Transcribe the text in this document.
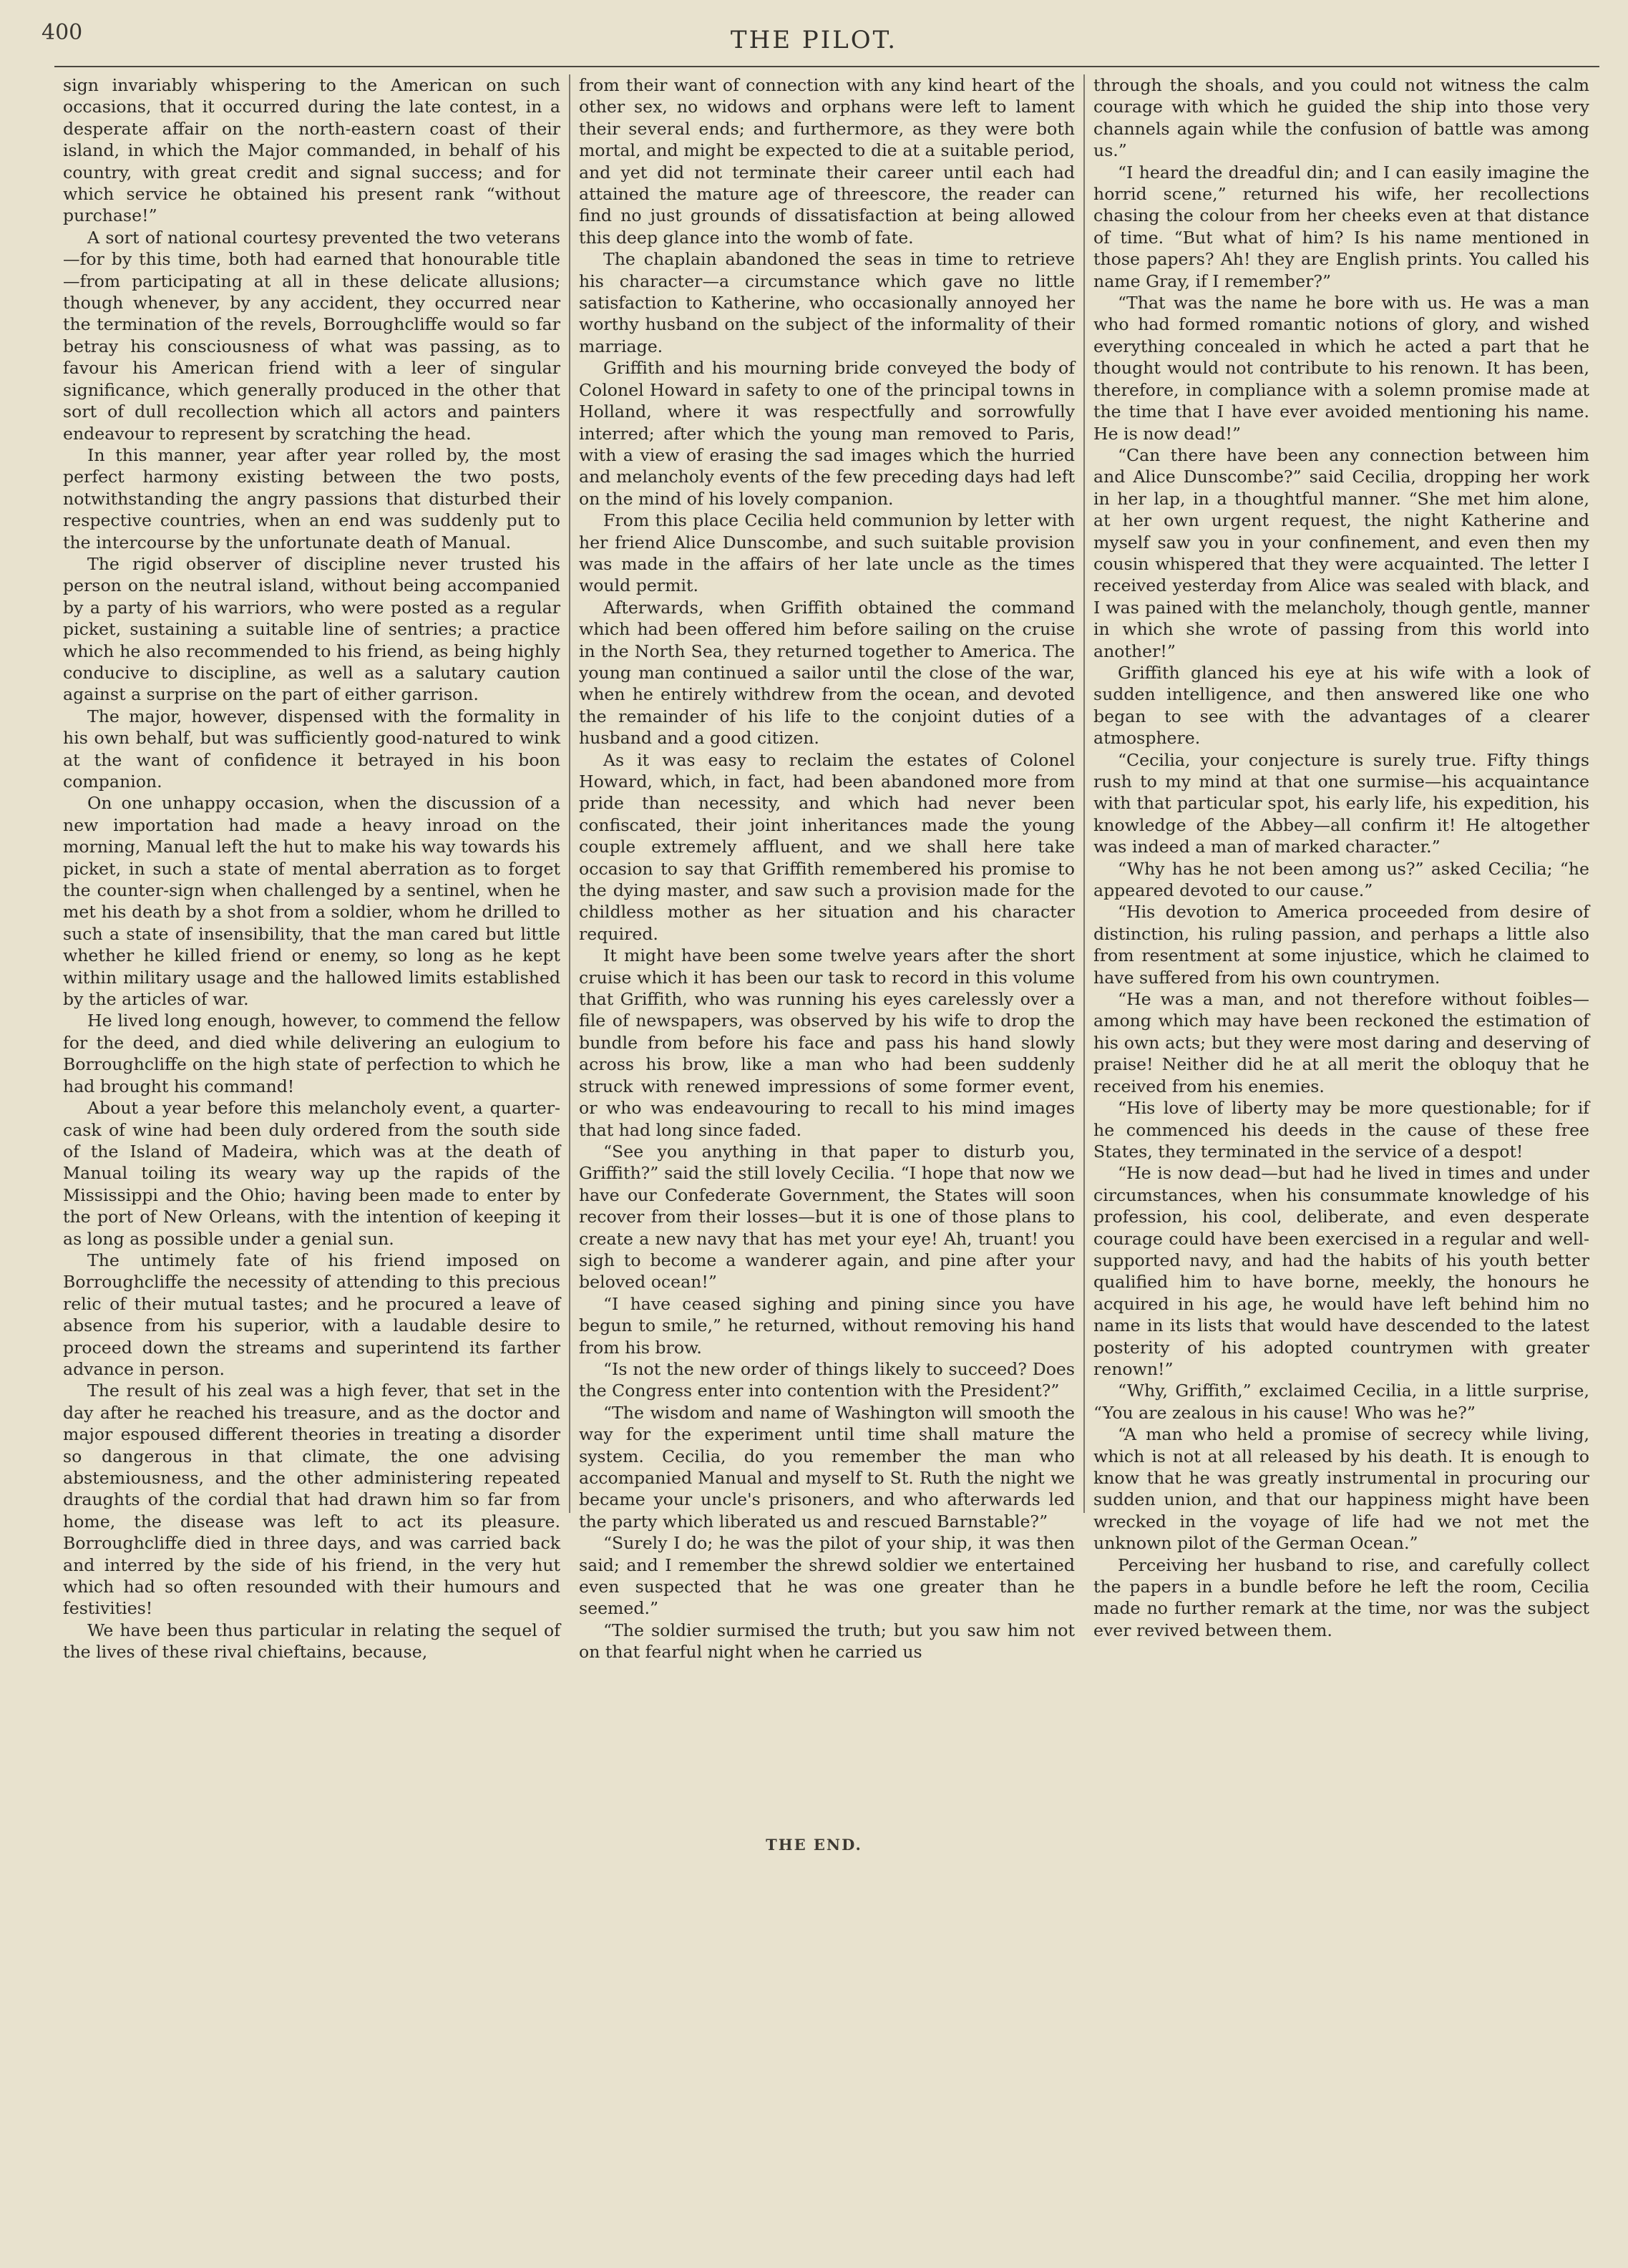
400	THE PILOT.

sign invariably whispering to the American on such occasions, that it occurred during the late contest, in a desperate affair on the north-eastern coast of their island, in which the Major commanded, in behalf of his country, with great credit and signal success; and for which service he obtained his present rank “without purchase!”

A sort of national courtesy prevented the two veterans—for by this time, both had earned that honourable title—from participating at all in these delicate allusions; though whenever, by any accident, they occurred near the termination of the revels, Borroughcliffe would so far betray his consciousness of what was passing, as to favour his American friend with a leer of singular significance, which generally produced in the other that sort of dull recollection which all actors and painters endeavour to represent by scratching the head.

In this manner, year after year rolled by, the most perfect harmony existing between the two posts, notwithstanding the angry passions that disturbed their respective countries, when an end was suddenly put to the intercourse by the unfortunate death of Manual.

The rigid observer of discipline never trusted his person on the neutral island, without being accompanied by a party of his warriors, who were posted as a regular picket, sustaining a suitable line of sentries; a practice which he also recommended to his friend, as being highly conducive to discipline, as well as a salutary caution against a surprise on the part of either garrison.

The major, however, dispensed with the formality in his own behalf, but was sufficiently good-natured to wink at the want of confidence it betrayed in his boon companion.

On one unhappy occasion, when the discussion of a new importation had made a heavy inroad on the morning, Manual left the hut to make his way towards his picket, in such a state of mental aberration as to forget the counter-sign when challenged by a sentinel, when he met his death by a shot from a soldier, whom he drilled to such a state of insensibility, that the man cared but little whether he killed friend or enemy, so long as he kept within military usage and the hallowed limits established by the articles of war.

He lived long enough, however, to commend the fellow for the deed, and died while delivering an eulogium to Borroughcliffe on the high state of perfection to which he had brought his command!

About a year before this melancholy event, a quarter-cask of wine had been duly ordered from the south side of the Island of Madeira, which was at the death of Manual toiling its weary way up the rapids of the Mississippi and the Ohio; having been made to enter by the port of New Orleans, with the intention of keeping it as long as possible under a genial sun.

The untimely fate of his friend imposed on Borroughcliffe the necessity of attending to this precious relic of their mutual tastes; and he procured a leave of absence from his superior, with a laudable desire to proceed down the streams and superintend its farther advance in person.

The result of his zeal was a high fever, that set in the day after he reached his treasure, and as the doctor and major espoused different theories in treating a disorder so dangerous in that climate, the one advising abstemiousness, and the other administering repeated draughts of the cordial that had drawn him so far from home, the disease was left to act its pleasure. Borroughcliffe died in three days, and was carried back and interred by the side of his friend, in the very hut which had so often resounded with their humours and festivities!

We have been thus particular in relating the sequel of the lives of these rival chieftains, because,

from their want of connection with any kind heart of the other sex, no widows and orphans were left to lament their several ends; and furthermore, as they were both mortal, and might be expected to die at a suitable period, and yet did not terminate their career until each had attained the mature age of threescore, the reader can find no just grounds of dissatisfaction at being allowed this deep glance into the womb of fate.

The chaplain abandoned the seas in time to retrieve his character—a circumstance which gave no little satisfaction to Katherine, who occasionally annoyed her worthy husband on the subject of the informality of their marriage.

Griffith and his mourning bride conveyed the body of Colonel Howard in safety to one of the principal towns in Holland, where it was respectfully and sorrowfully interred; after which the young man removed to Paris, with a view of erasing the sad images which the hurried and melancholy events of the few preceding days had left on the mind of his lovely companion.

From this place Cecilia held communion by letter with her friend Alice Dunscombe, and such suitable provision was made in the affairs of her late uncle as the times would permit.

Afterwards, when Griffith obtained the command which had been offered him before sailing on the cruise in the North Sea, they returned together to America. The young man continued a sailor until the close of the war, when he entirely withdrew from the ocean, and devoted the remainder of his life to the conjoint duties of a husband and a good citizen.

As it was easy to reclaim the estates of Colonel Howard, which, in fact, had been abandoned more from pride than necessity, and which had never been confiscated, their joint inheritances made the young couple extremely affluent, and we shall here take occasion to say that Griffith remembered his promise to the dying master, and saw such a provision made for the childless mother as her situation and his character required.

It might have been some twelve years after the short cruise which it has been our task to record in this volume that Griffith, who was running his eyes carelessly over a file of newspapers, was observed by his wife to drop the bundle from before his face and pass his hand slowly across his brow, like a man who had been suddenly struck with renewed impressions of some former event, or who was endeavouring to recall to his mind images that had long since faded.

“See you anything in that paper to disturb you, Griffith?” said the still lovely Cecilia. “I hope that now we have our Confederate Government, the States will soon recover from their losses—but it is one of those plans to create a new navy that has met your eye! Ah, truant! you sigh to become a wanderer again, and pine after your beloved ocean!”

“I have ceased sighing and pining since you have begun to smile,” he returned, without removing his hand from his brow.

“Is not the new order of things likely to succeed? Does the Congress enter into contention with the President?”

“The wisdom and name of Washington will smooth the way for the experiment until time shall mature the system. Cecilia, do you remember the man who accompanied Manual and myself to St. Ruth the night we became your uncle's prisoners, and who afterwards led the party which liberated us and rescued Barnstable?”

“Surely I do; he was the pilot of your ship, it was then said; and I remember the shrewd soldier we entertained even suspected that he was one greater than he seemed.”

“The soldier surmised the truth; but you saw him not on that fearful night when he carried us

through the shoals, and you could not witness the calm courage with which he guided the ship into those very channels again while the confusion of battle was among us.”

“I heard the dreadful din; and I can easily imagine the horrid scene,” returned his wife, her recollections chasing the colour from her cheeks even at that distance of time. “But what of him? Is his name mentioned in those papers? Ah! they are English prints. You called his name Gray, if I remember?”

“That was the name he bore with us. He was a man who had formed romantic notions of glory, and wished everything concealed in which he acted a part that he thought would not contribute to his renown. It has been, therefore, in compliance with a solemn promise made at the time that I have ever avoided mentioning his name. He is now dead!”

“Can there have been any connection between him and Alice Dunscombe?” said Cecilia, dropping her work in her lap, in a thoughtful manner. “She met him alone, at her own urgent request, the night Katherine and myself saw you in your confinement, and even then my cousin whispered that they were acquainted. The letter I received yesterday from Alice was sealed with black, and I was pained with the melancholy, though gentle, manner in which she wrote of passing from this world into another!”

Griffith glanced his eye at his wife with a look of sudden intelligence, and then answered like one who began to see with the advantages of a clearer atmosphere.

“Cecilia, your conjecture is surely true. Fifty things rush to my mind at that one surmise—his acquaintance with that particular spot, his early life, his expedition, his knowledge of the Abbey—all confirm it! He altogether was indeed a man of marked character.”

“Why has he not been among us?” asked Cecilia; “he appeared devoted to our cause.”

“His devotion to America proceeded from desire of distinction, his ruling passion, and perhaps a little also from resentment at some injustice, which he claimed to have suffered from his own countrymen.

“He was a man, and not therefore without foibles—among which may have been reckoned the estimation of his own acts; but they were most daring and deserving of praise! Neither did he at all merit the obloquy that he received from his enemies.

“His love of liberty may be more questionable; for if he commenced his deeds in the cause of these free States, they terminated in the service of a despot!

“He is now dead—but had he lived in times and under circumstances, when his consummate knowledge of his profession, his cool, deliberate, and even desperate courage could have been exercised in a regular and well-supported navy, and had the habits of his youth better qualified him to have borne, meekly, the honours he acquired in his age, he would have left behind him no name in its lists that would have descended to the latest posterity of his adopted countrymen with greater renown!”

“Why, Griffith,” exclaimed Cecilia, in a little surprise, “You are zealous in his cause! Who was he?”

“A man who held a promise of secrecy while living, which is not at all released by his death. It is enough to know that he was greatly instrumental in procuring our sudden union, and that our happiness might have been wrecked in the voyage of life had we not met the unknown pilot of the German Ocean.”

Perceiving her husband to rise, and carefully collect the papers in a bundle before he left the room, Cecilia made no further remark at the time, nor was the subject ever revived between them.

THE END.
